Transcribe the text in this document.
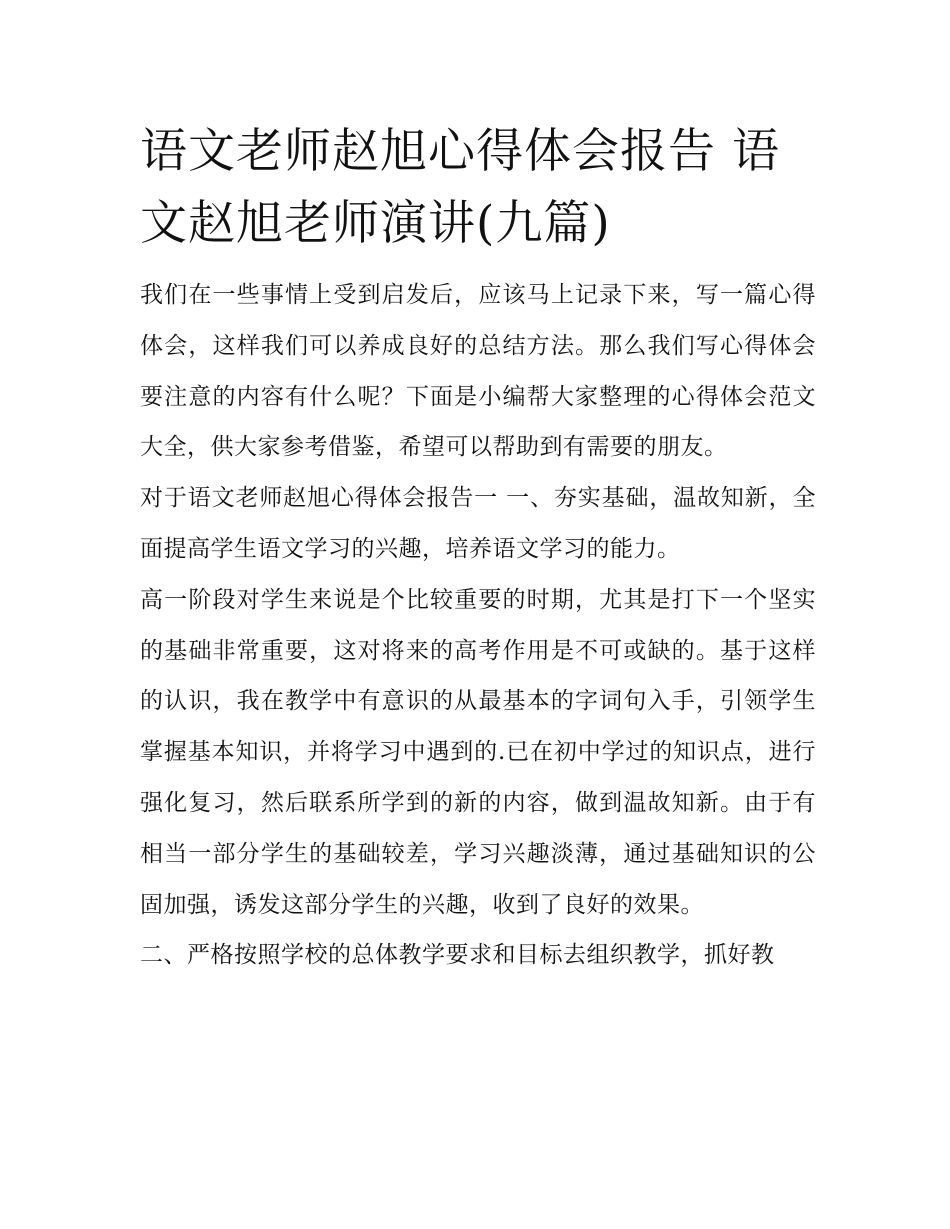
语文老师赵旭心得体会报告 语文赵旭老师演讲(九篇)

我们在一些事情上受到启发后，应该马上记录下来，写一篇心得体会，这样我们可以养成良好的总结方法。那么我们写心得体会要注意的内容有什么呢？下面是小编帮大家整理的心得体会范文大全，供大家参考借鉴，希望可以帮助到有需要的朋友。

对于语文老师赵旭心得体会报告一 一、夯实基础，温故知新，全面提高学生语文学习的兴趣，培养语文学习的能力。

高一阶段对学生来说是个比较重要的时期，尤其是打下一个坚实的基础非常重要，这对将来的高考作用是不可或缺的。基于这样的认识，我在教学中有意识的从最基本的字词句入手，引领学生掌握基本知识，并将学习中遇到的.已在初中学过的知识点，进行强化复习，然后联系所学到的新的内容，做到温故知新。由于有相当一部分学生的基础较差，学习兴趣淡薄，通过基础知识的公固加强，诱发这部分学生的兴趣，收到了良好的效果。

二、严格按照学校的总体教学要求和目标去组织教学，抓好教
